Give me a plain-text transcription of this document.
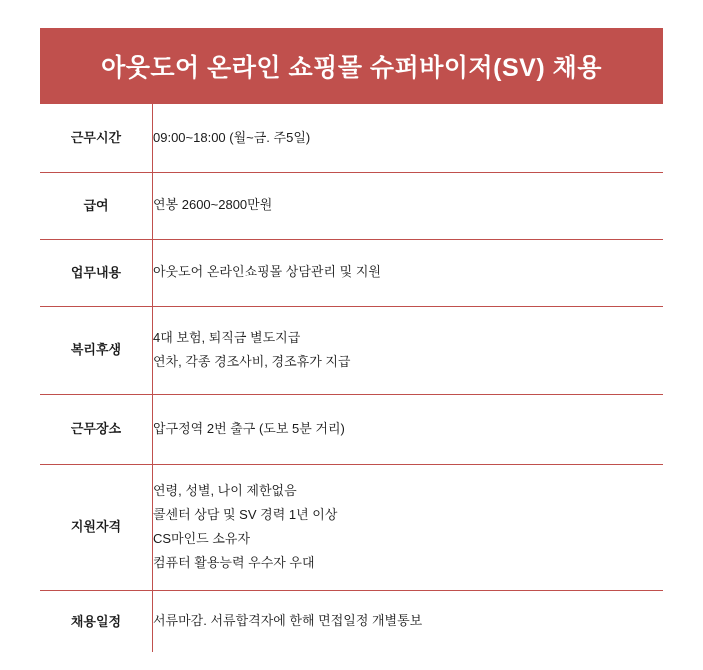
아웃도어 온라인 쇼핑몰 슈퍼바이저(SV) 채용
근무시간	09:00~18:00 (월~금. 주5일)

급여	연봉 2600~2800만원

업무내용	아웃도어 온라인쇼핑몰 상담관리 및 지원

복리후생	4대 보험, 퇴직금 별도지급
연차, 각종 경조사비, 경조휴가 지급

근무장소	압구정역 2번 출구 (도보 5분 거리)

지원자격	연령, 성별, 나이 제한없음
콜센터 상담 및 SV 경력 1년 이상
CS마인드 소유자
컴퓨터 활용능력 우수자 우대

채용일정	서류마감. 서류합격자에 한해 면접일정 개별통보
